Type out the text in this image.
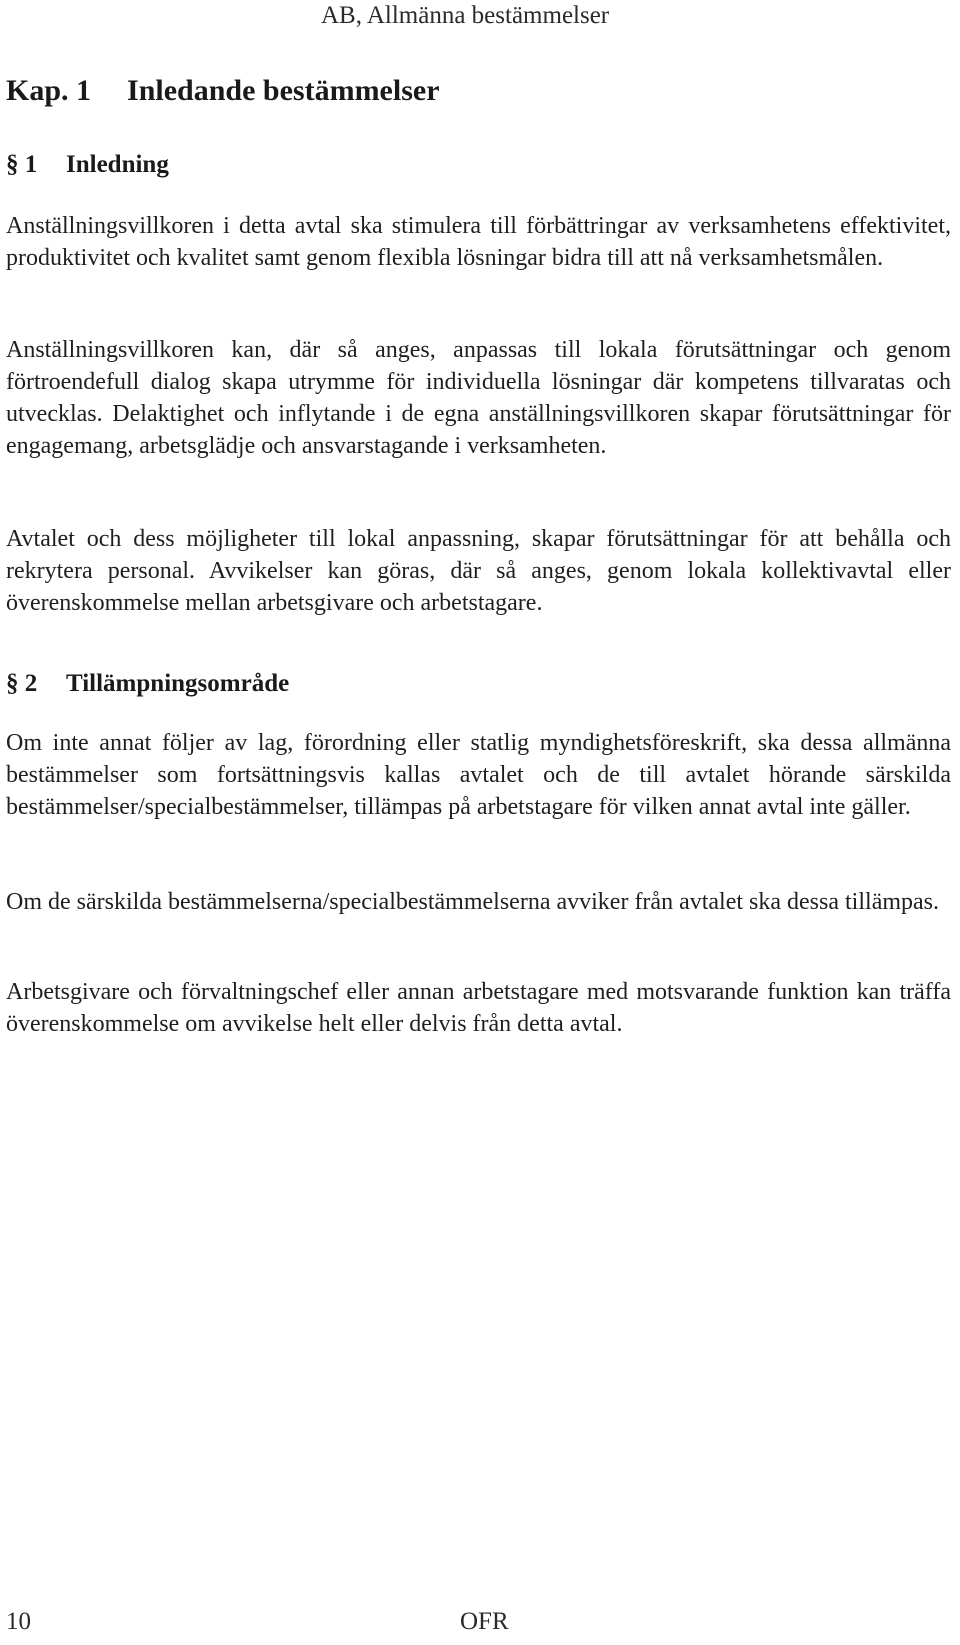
AB, Allmänna bestämmelser
Kap. 1 Inledande bestämmelser
§ 1 Inledning

Anställningsvillkoren i detta avtal ska stimulera till förbättringar av verksamhetens effektivitet, produktivitet och kvalitet samt genom flexibla lösningar bidra till att nå verksamhetsmålen.

Anställningsvillkoren kan, där så anges, anpassas till lokala förutsättningar och genom förtroendefull dialog skapa utrymme för individuella lösningar där kompetens tillvaratas och utvecklas. Delaktighet och inflytande i de egna anställningsvillkoren skapar förutsättningar för engagemang, arbetsglädje och ansvarstagande i verksamheten.

Avtalet och dess möjligheter till lokal anpassning, skapar förutsättningar för att behålla och rekrytera personal. Avvikelser kan göras, där så anges, genom lokala kollektivavtal eller överenskommelse mellan arbetsgivare och arbetstagare.

§ 2 Tillämpningsområde

Om inte annat följer av lag, förordning eller statlig myndighetsföreskrift, ska dessa allmänna bestämmelser som fortsättningsvis kallas avtalet och de till avtalet hörande särskilda bestämmelser/specialbestämmelser, tillämpas på arbetstagare för vilken annat avtal inte gäller.

Om de särskilda bestämmelserna/specialbestämmelserna avviker från avtalet ska dessa tillämpas.

Arbetsgivare och förvaltningschef eller annan arbetstagare med motsvarande funktion kan träffa överenskommelse om avvikelse helt eller delvis från detta avtal.

10	OFR
